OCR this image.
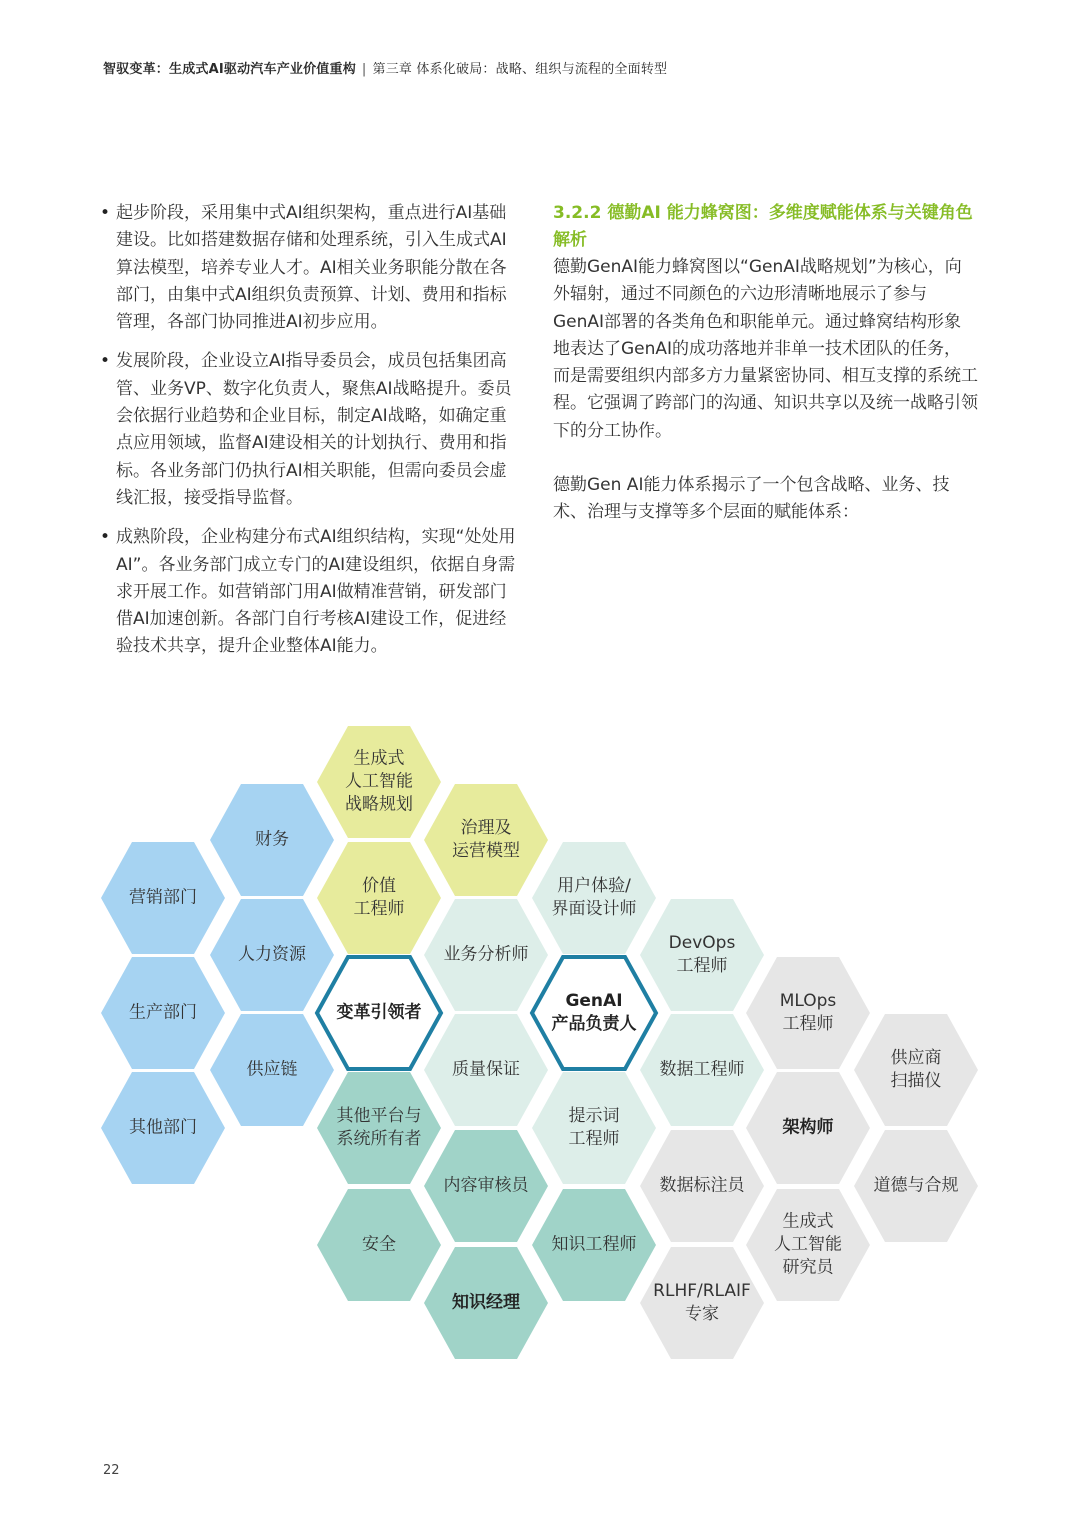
智驭变革：生成式AI驱动汽车产业价值重构 | 第三章 体系化破局：战略、组织与流程的全面转型
• 起步阶段，采用集中式AI组织架构，重点进行AI基础建设。比如搭建数据存储和处理系统，引入生成式AI算法模型，培养专业人才。AI相关业务职能分散在各部门，由集中式AI组织负责预算、计划、费用和指标管理，各部门协同推进AI初步应用。
• 发展阶段，企业设立AI指导委员会，成员包括集团高管、业务VP、数字化负责人，聚焦AI战略提升。委员会依据行业趋势和企业目标，制定AI战略，如确定重点应用领域，监督AI建设相关的计划执行、费用和指标。各业务部门仍执行AI相关职能，但需向委员会虚线汇报，接受指导监督。
• 成熟阶段，企业构建分布式AI组织结构，实现“处处用AI”。各业务部门成立专门的AI建设组织，依据自身需求开展工作。如营销部门用AI做精准营销，研发部门借AI加速创新。各部门自行考核AI建设工作，促进经验技术共享，提升企业整体AI能力。
3.2.2 德勤AI 能力蜂窝图：多维度赋能体系与关键角色解析

德勤GenAI能力蜂窝图以“GenAI战略规划”为核心，向外辐射，通过不同颜色的六边形清晰地展示了参与GenAI部署的各类角色和职能单元。通过蜂窝结构形象地表达了GenAI的成功落地并非单一技术团队的任务，而是需要组织内部多方力量紧密协同、相互支撑的系统工程。它强调了跨部门的沟通、知识共享以及统一战略引领下的分工协作。

德勤Gen AI能力体系揭示了一个包含战略、业务、技术、治理与支撑等多个层面的赋能体系：

生成式
人工智能
战略规划
财务
治理及
运营模型
营销部门
价值
工程师
用户体验/
界面设计师
人力资源	业务分析师
DevOps
工程师
生产部门	变革引领者
GenAI
产品负责人
MLOps
工程师
供应链	质量保证	数据工程师
供应商
扫描仪
其他部门
其他平台与
系统所有者
提示词
工程师
架构师
内容审核员	数据标注员	道德与合规
安全	知识工程师
生成式
人工智能
研究员
知识经理
RLHF/RLAIF
专家
22
